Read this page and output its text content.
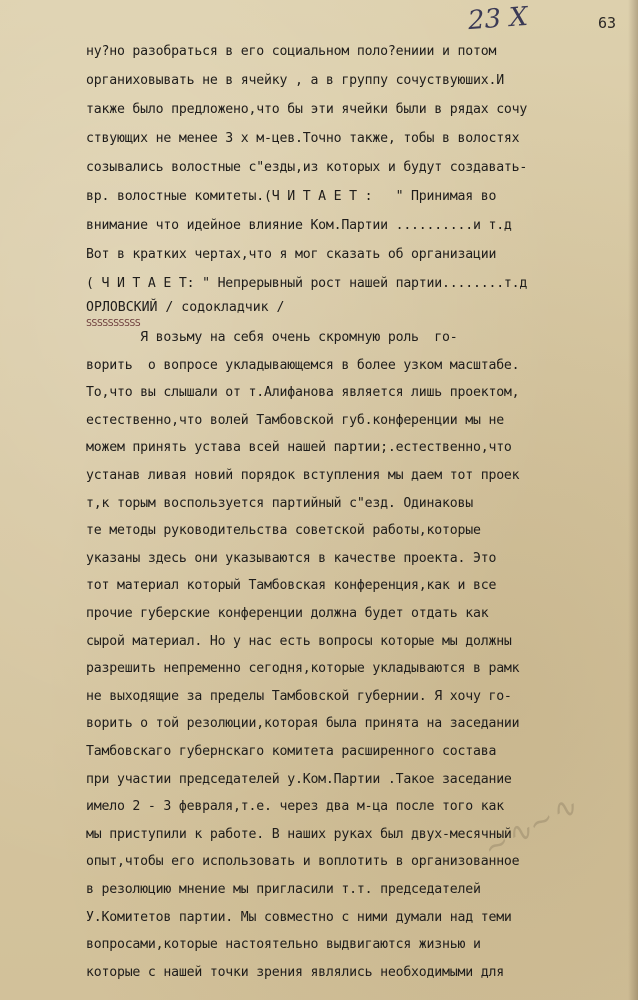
23 Х	63
ну?но разобраться в его социальном поло?ениии и потом
органиховывать не в ячейку , а в группу сочуствуюших.И
также было предложено,что бы эти ячейки были в рядах сочу
ствующих не менее 3 х м-цев.Точно также, тобы в волостях
созывались волостные с"езды,из которых и будут создавать-
вр. волостные комитеты.(Ч И Т А Е Т :   " Принимая во
внимание что идейное влияние Ком.Партии ..........и т.д
Вот в кратких чертах,что я мог сказать об организации
( Ч И Т А Е Т: " Непрерывный рост нашей партии........т.д
ОРЛОВСКИЙ / содокладчик /
SSSSSSSSSS
Я возьму на себя очень скромную роль  го-
ворить  о вопросе укладывающемся в более узком масштабе.
То,что вы слышали от т.Алифанова является лишь проектом,
естественно,что волей Тамбовской губ.конференции мы не
можем принять устава всей нашей партии;.естественно,что
устанав ливая новий порядок вступления мы даем тот проек
т,к торым воспользуется партийный с"езд. Одинаковы
те методы руководительства советской работы,которые
указаны здесь они указываются в качестве проекта. Это
тот материал который Тамбовская конференция,как и все
прочие губерские конференции должна будет отдать как
сырой материал. Но у нас есть вопросы которые мы должны
разрешить непременно сегодня,которые укладываются в рамк
не выходящие за пределы Тамбовской губернии. Я хочу го-
ворить о той резолюции,которая была принята на заседании
Тамбовскаго губернскаго комитета расширенного состава
при участии председателей у.Ком.Партии .Такое заседание
имело 2 - 3 февраля,т.е. через два м-ца после того как
мы приступили к работе. В наших руках был двух-месячный
опыт,чтобы его использовать и воплотить в организованное
в резолюцию мнение мы пригласили т.т. председателей
У.Комитетов партии. Мы совместно с ними думали над теми
вопросами,которые настоятельно выдвигаются жизнью и
которые с нашей точки зрения являлись необходимыми для
∼∿∼∿
